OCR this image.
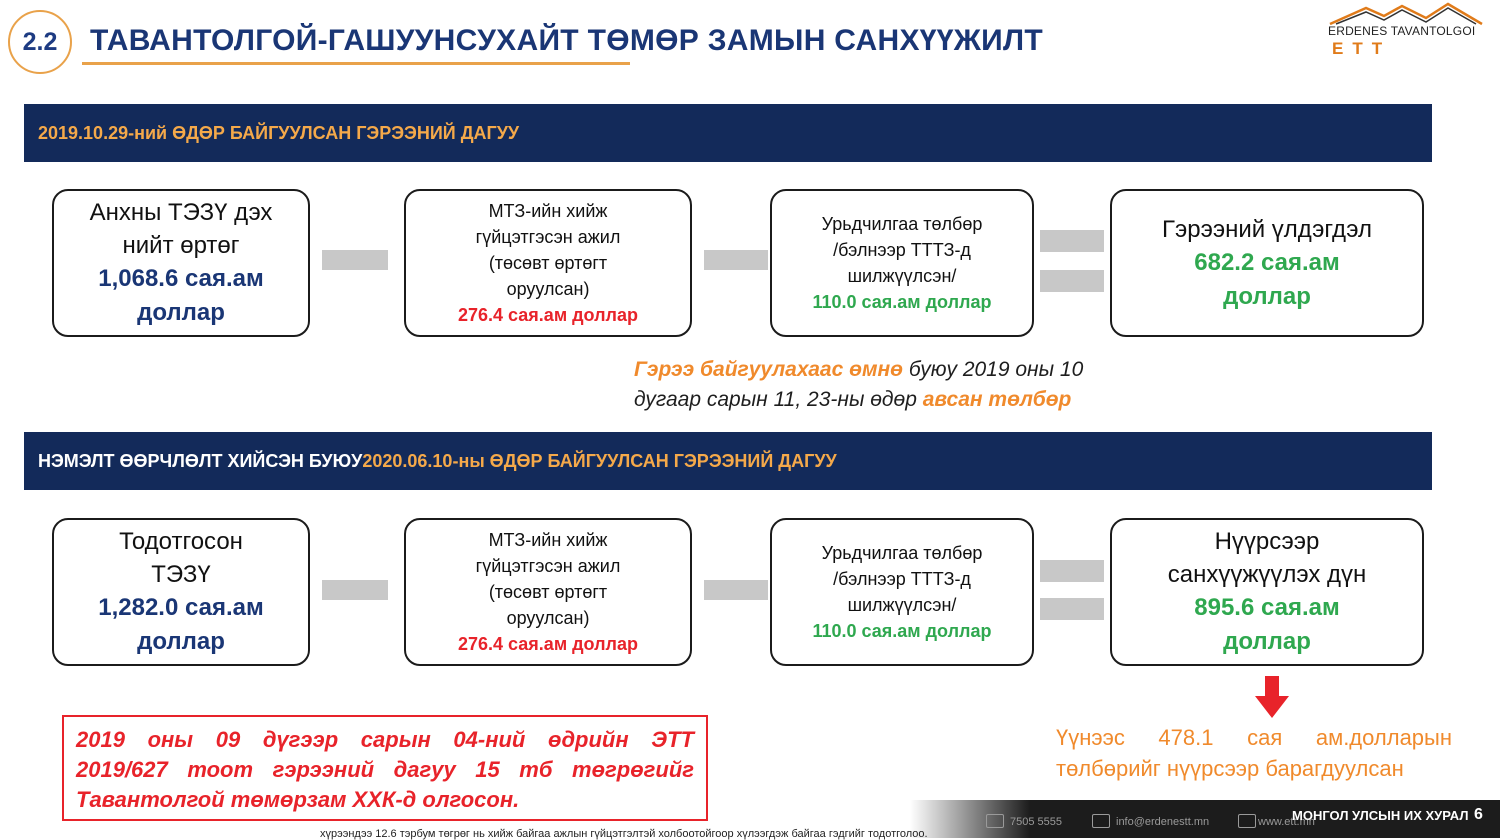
2.2	ТАВАНТОЛГОЙ-ГАШУУНСУХАЙТ ТӨМӨР ЗАМЫН САНХҮҮЖИЛТ	ERDENES TAVANTOLGOI
ETT
2019.10.29-ний ӨДӨР БАЙГУУЛСАН ГЭРЭЭНИЙ ДАГУУ
Анхны ТЭЗҮ дэх
нийт өртөг
1,068.6 сая.ам
доллар
МТЗ-ийн хийж
гүйцэтгэсэн ажил
(төсөвт өртөгт
оруулсан)
276.4 сая.ам доллар
Урьдчилгаа төлбөр
/бэлнээр ТТТЗ-д
шилжүүлсэн/
110.0 сая.ам доллар
Гэрээний үлдэгдэл
682.2 сая.ам
доллар
Гэрээ байгуулахаас өмнө буюу 2019 оны 10
дугаар сарын 11, 23-ны өдөр авсан төлбөр
НЭМЭЛТ ӨӨРЧЛӨЛТ ХИЙСЭН БУЮУ 2020.06.10-ны ӨДӨР БАЙГУУЛСАН ГЭРЭЭНИЙ ДАГУУ
Тодотгосон
ТЭЗҮ
1,282.0 сая.ам
доллар
МТЗ-ийн хийж
гүйцэтгэсэн ажил
(төсөвт өртөгт
оруулсан)
276.4 сая.ам доллар
Урьдчилгаа төлбөр
/бэлнээр ТТТЗ-д
шилжүүлсэн/
110.0 сая.ам доллар
Нүүрсээр
санхүүжүүлэх дүн
895.6 сая.ам
доллар
2019 оны 09 дүгээр сарын 04-ний өдрийн ЭТТ
2019/627 тоот гэрээний дагуу 15 тб төгрөгийг
Тавантолгой төмөрзам ХХК-д олгосон.
Үүнээс 478.1 сая ам.долларын
төлбөрийг нүүрсээр барагдуулсан
7505 5555	info@erdenestt.mn	www.ett.mn
МОНГОЛ УЛСЫН ИХ ХУРАЛ 6
хүрээндээ 12.6 тэрбум төгрөг нь хийж байгаа ажлын гүйцэтгэлтэй холбоотойгоор хүлээгдэж байгаа гэдгийг тодотголоо.
